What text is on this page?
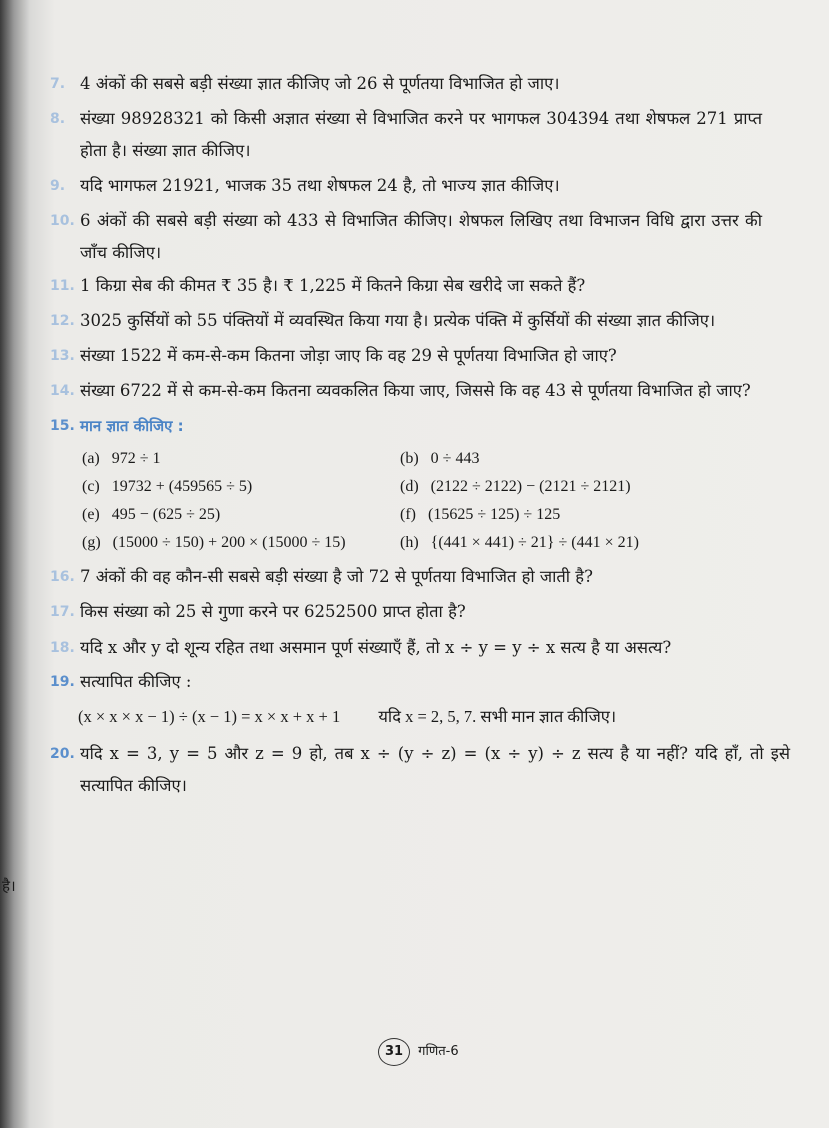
7. 4 अंकों की सबसे बड़ी संख्या ज्ञात कीजिए जो 26 से पूर्णतया विभाजित हो जाए।
8. संख्या 98928321 को किसी अज्ञात संख्या से विभाजित करने पर भागफल 304394 तथा शेषफल 271 प्राप्त होता है। संख्या ज्ञात कीजिए।
9. यदि भागफल 21921, भाजक 35 तथा शेषफल 24 है, तो भाज्य ज्ञात कीजिए।
10. 6 अंकों की सबसे बड़ी संख्या को 433 से विभाजित कीजिए। शेषफल लिखिए तथा विभाजन विधि द्वारा उत्तर की जाँच कीजिए।
11. 1 किग्रा सेब की कीमत ₹ 35 है। ₹ 1,225 में कितने किग्रा सेब खरीदे जा सकते हैं?
12. 3025 कुर्सियों को 55 पंक्तियों में व्यवस्थित किया गया है। प्रत्येक पंक्ति में कुर्सियों की संख्या ज्ञात कीजिए।
13. संख्या 1522 में कम-से-कम कितना जोड़ा जाए कि वह 29 से पूर्णतया विभाजित हो जाए?
14. संख्या 6722 में से कम-से-कम कितना व्यवकलित किया जाए, जिससे कि वह 43 से पूर्णतया विभाजित हो जाए?
15. मान ज्ञात कीजिए :
(a) 972 ÷ 1	(b) 0 ÷ 443
(c) 19732 + (459565 ÷ 5)	(d) (2122 ÷ 2122) − (2121 ÷ 2121)
(e) 495 − (625 ÷ 25)	(f) (15625 ÷ 125) ÷ 125
(g) (15000 ÷ 150) + 200 × (15000 ÷ 15)	(h) {(441 × 441) ÷ 21} ÷ (441 × 21)
16. 7 अंकों की वह कौन-सी सबसे बड़ी संख्या है जो 72 से पूर्णतया विभाजित हो जाती है?
17. किस संख्या को 25 से गुणा करने पर 6252500 प्राप्त होता है?
18. यदि x और y दो शून्य रहित तथा असमान पूर्ण संख्याएँ हैं, तो x ÷ y = y ÷ x सत्य है या असत्य?
19. सत्यापित कीजिए :
(x × x × x − 1) ÷ (x − 1) = x × x + x + 1 यदि x = 2, 5, 7. सभी मान ज्ञात कीजिए।
20. यदि x = 3, y = 5 और z = 9 हो, तब x ÷ (y ÷ z) = (x ÷ y) ÷ z सत्य है या नहीं? यदि हाँ, तो इसे सत्यापित कीजिए।
है।
31 गणित-6
